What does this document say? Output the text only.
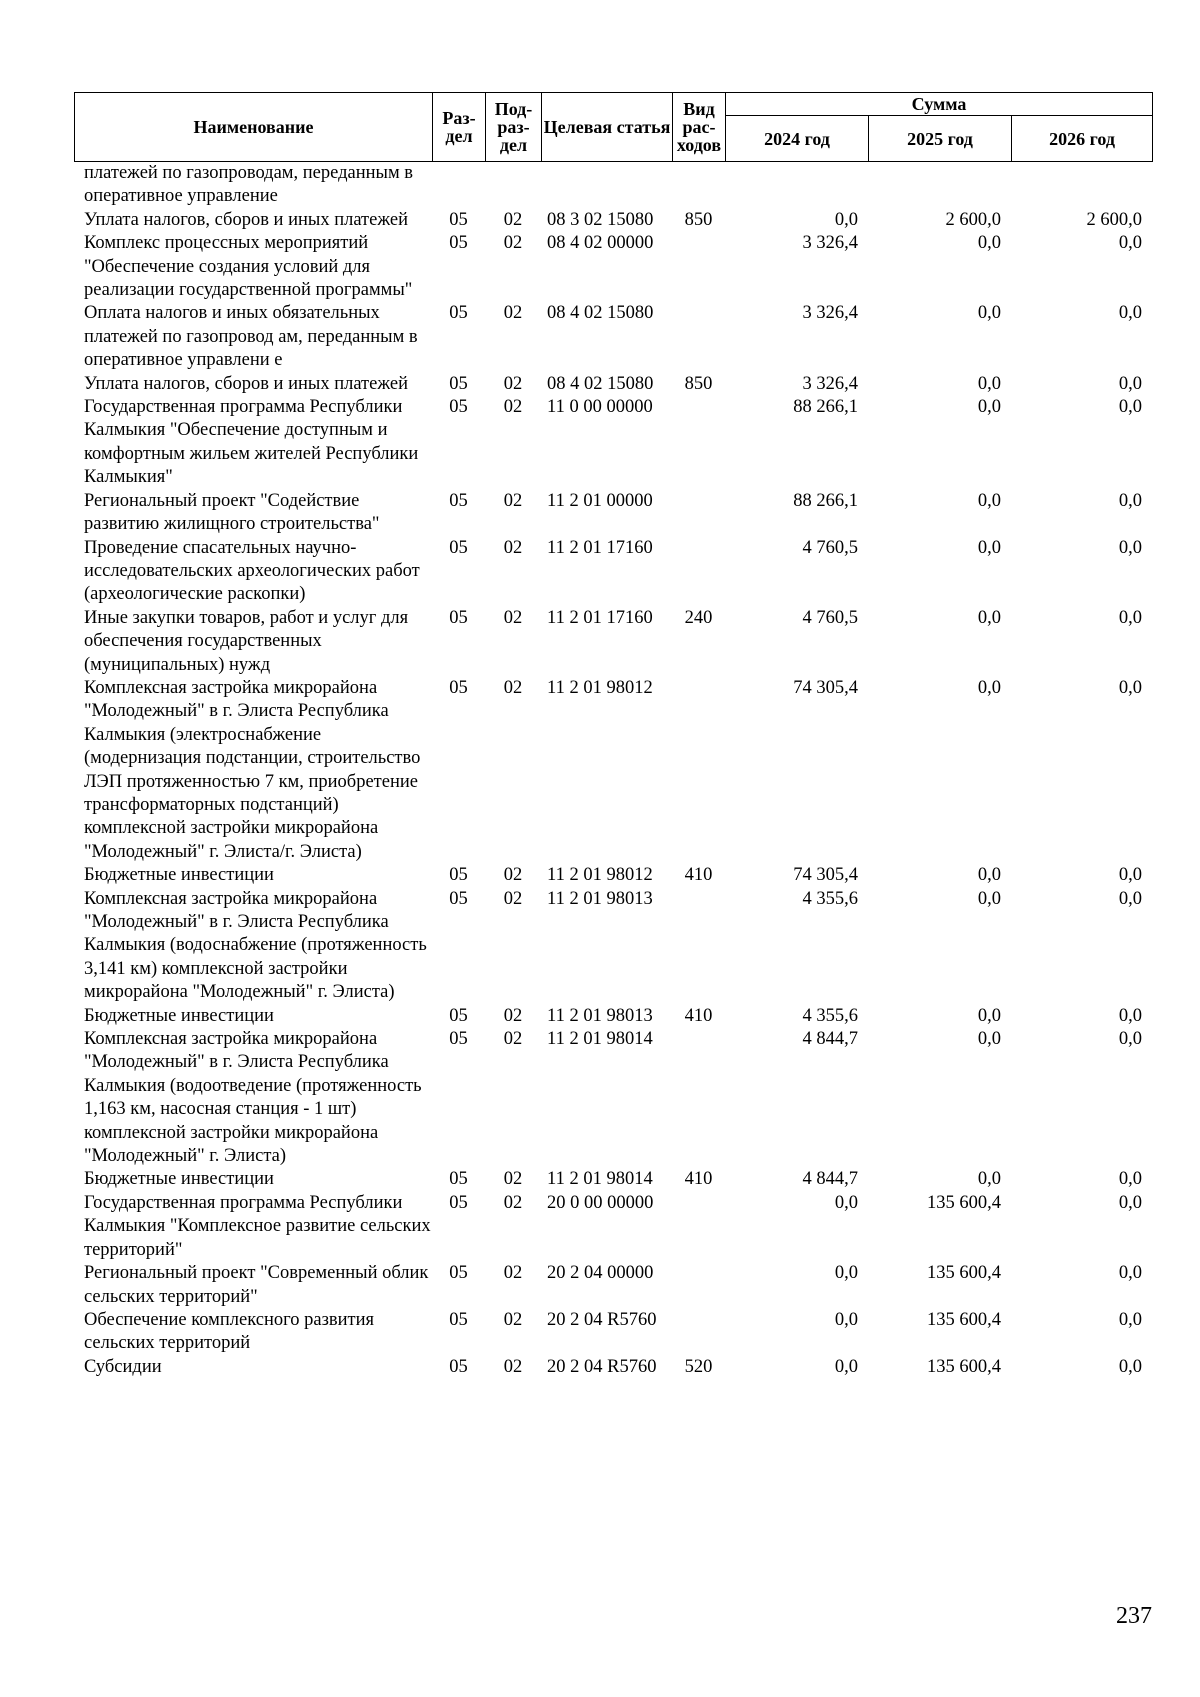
Наименование	Раз-дел	Под-раз-дел	Целевая статья	Вид рас-ходов	Сумма		
					2024 год	2025 год	2026 год
платежей по газопроводам, переданным в оперативное управление							
Уплата налогов, сборов и иных платежей	05	02	08 3 02 15080	850	0,0	2 600,0	2 600,0
Комплекс процессных мероприятий "Обеспечение создания условий для реализации государственной программы"	05	02	08 4 02 00000		3 326,4	0,0	0,0
Оплата налогов и иных обязательных платежей по газопровод ам, переданным в оперативное управлени е	05	02	08 4 02 15080		3 326,4	0,0	0,0
Уплата налогов, сборов и иных платежей	05	02	08 4 02 15080	850	3 326,4	0,0	0,0
Государственная программа Республики Калмыкия "Обеспечение доступным и комфортным жильем жителей Республики Калмыкия"	05	02	11 0 00 00000		88 266,1	0,0	0,0
Региональный проект "Содействие развитию жилищного строительства"	05	02	11 2 01 00000		88 266,1	0,0	0,0
Проведение спасательных научно-исследовательских археологических работ (археологические раскопки)	05	02	11 2 01 17160		4 760,5	0,0	0,0
Иные закупки товаров, работ и услуг для обеспечения государственных (муниципальных) нужд	05	02	11 2 01 17160	240	4 760,5	0,0	0,0
Комплексная застройка микрорайона "Молодежный" в г. Элиста Республика Калмыкия (электроснабжение (модернизация подстанции, строительство ЛЭП протяженностью 7 км, приобретение трансформаторных подстанций) комплексной застройки микрорайона "Молодежный" г. Элиста/г. Элиста)	05	02	11 2 01 98012		74 305,4	0,0	0,0
Бюджетные инвестиции	05	02	11 2 01 98012	410	74 305,4	0,0	0,0
Комплексная застройка микрорайона "Молодежный" в г. Элиста Республика Калмыкия (водоснабжение (протяженность 3,141 км) комплексной застройки микрорайона "Молодежный" г. Элиста)	05	02	11 2 01 98013		4 355,6	0,0	0,0
Бюджетные инвестиции	05	02	11 2 01 98013	410	4 355,6	0,0	0,0
Комплексная застройка микрорайона "Молодежный" в г. Элиста Республика Калмыкия (водоотведение (протяженность 1,163 км, насосная станция - 1 шт) комплексной застройки микрорайона "Молодежный" г. Элиста)	05	02	11 2 01 98014		4 844,7	0,0	0,0
Бюджетные инвестиции	05	02	11 2 01 98014	410	4 844,7	0,0	0,0
Государственная программа Республики Калмыкия "Комплексное развитие сельских территорий"	05	02	20 0 00 00000		0,0	135 600,4	0,0
Региональный проект "Современный облик сельских территорий"	05	02	20 2 04 00000		0,0	135 600,4	0,0
Обеспечение комплексного развития сельских территорий	05	02	20 2 04 R5760		0,0	135 600,4	0,0
Субсидии	05	02	20 2 04 R5760	520	0,0	135 600,4	0,0
237
